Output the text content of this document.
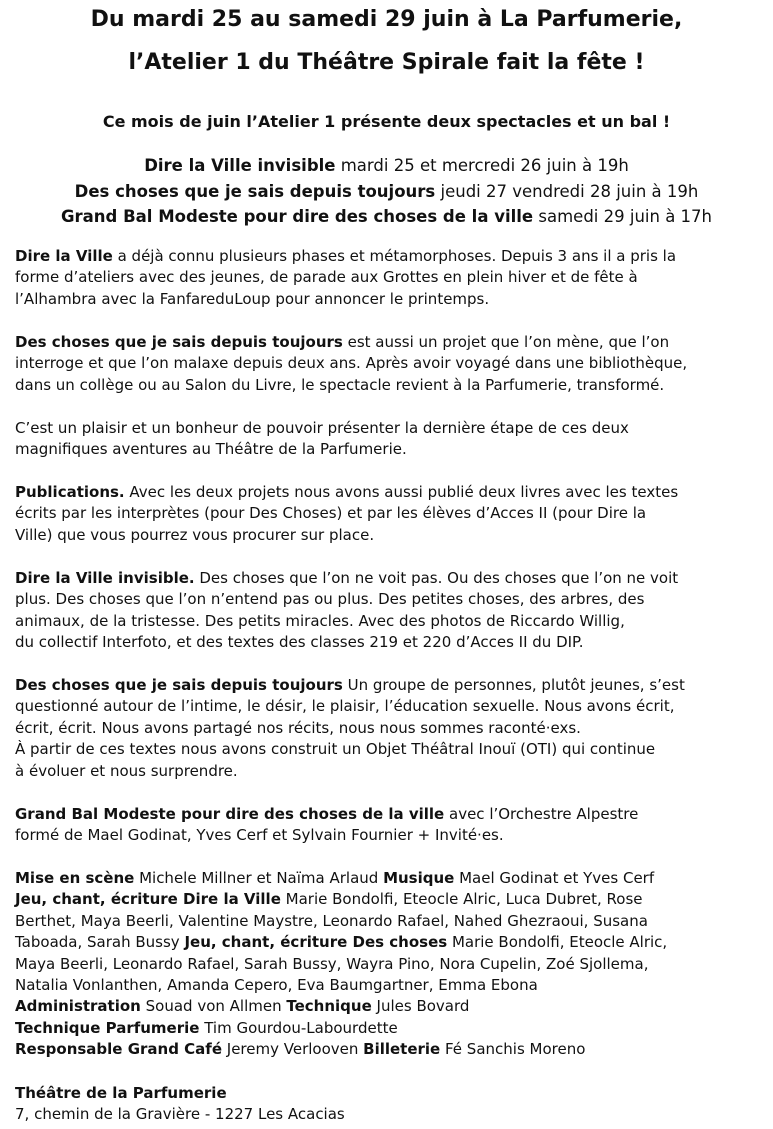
Du mardi 25 au samedi 29 juin à La Parfumerie,
l’Atelier 1 du Théâtre Spirale fait la fête !
Ce mois de juin l’Atelier 1 présente deux spectacles et un bal !
Dire la Ville invisible mardi 25 et mercredi 26 juin à 19h
Des choses que je sais depuis toujours jeudi 27 vendredi 28 juin à 19h
Grand Bal Modeste pour dire des choses de la ville samedi 29 juin à 17h
Dire la Ville a déjà connu plusieurs phases et métamorphoses. Depuis 3 ans il a pris la
forme d’ateliers avec des jeunes, de parade aux Grottes en plein hiver et de fête à
l’Alhambra avec la FanfareduLoup pour annoncer le printemps.
Des choses que je sais depuis toujours est aussi un projet que l’on mène, que l’on
interroge et que l’on malaxe depuis deux ans. Après avoir voyagé dans une bibliothèque,
dans un collège ou au Salon du Livre, le spectacle revient à la Parfumerie, transformé.
C’est un plaisir et un bonheur de pouvoir présenter la dernière étape de ces deux
magnifiques aventures au Théâtre de la Parfumerie.
Publications. Avec les deux projets nous avons aussi publié deux livres avec les textes
écrits par les interprètes (pour Des Choses) et par les élèves d’Acces II (pour Dire la
Ville) que vous pourrez vous procurer sur place.
Dire la Ville invisible. Des choses que l’on ne voit pas. Ou des choses que l’on ne voit
plus. Des choses que l’on n’entend pas ou plus. Des petites choses, des arbres, des
animaux, de la tristesse. Des petits miracles. Avec des photos de Riccardo Willig,
du collectif Interfoto, et des textes des classes 219 et 220 d’Acces II du DIP.
Des choses que je sais depuis toujours Un groupe de personnes, plutôt jeunes, s’est
questionné autour de l’intime, le désir, le plaisir, l’éducation sexuelle. Nous avons écrit,
écrit, écrit. Nous avons partagé nos récits, nous nous sommes raconté·exs.
À partir de ces textes nous avons construit un Objet Théâtral Inouï (OTI) qui continue
à évoluer et nous surprendre.
Grand Bal Modeste pour dire des choses de la ville avec l’Orchestre Alpestre
formé de Mael Godinat, Yves Cerf et Sylvain Fournier + Invité·es.
Mise en scène Michele Millner et Naïma Arlaud Musique Mael Godinat et Yves Cerf
Jeu, chant, écriture Dire la Ville Marie Bondolfi, Eteocle Alric, Luca Dubret, Rose
Berthet, Maya Beerli, Valentine Maystre, Leonardo Rafael, Nahed Ghezraoui, Susana
Taboada, Sarah Bussy Jeu, chant, écriture Des choses Marie Bondolfi, Eteocle Alric,
Maya Beerli, Leonardo Rafael, Sarah Bussy, Wayra Pino, Nora Cupelin, Zoé Sjollema,
Natalia Vonlanthen, Amanda Cepero, Eva Baumgartner, Emma Ebona
Administration Souad von Allmen Technique Jules Bovard
Technique Parfumerie Tim Gourdou-Labourdette
Responsable Grand Café Jeremy Verlooven Billeterie Fé Sanchis Moreno
Théâtre de la Parfumerie
7, chemin de la Gravière - 1227 Les Acacias
